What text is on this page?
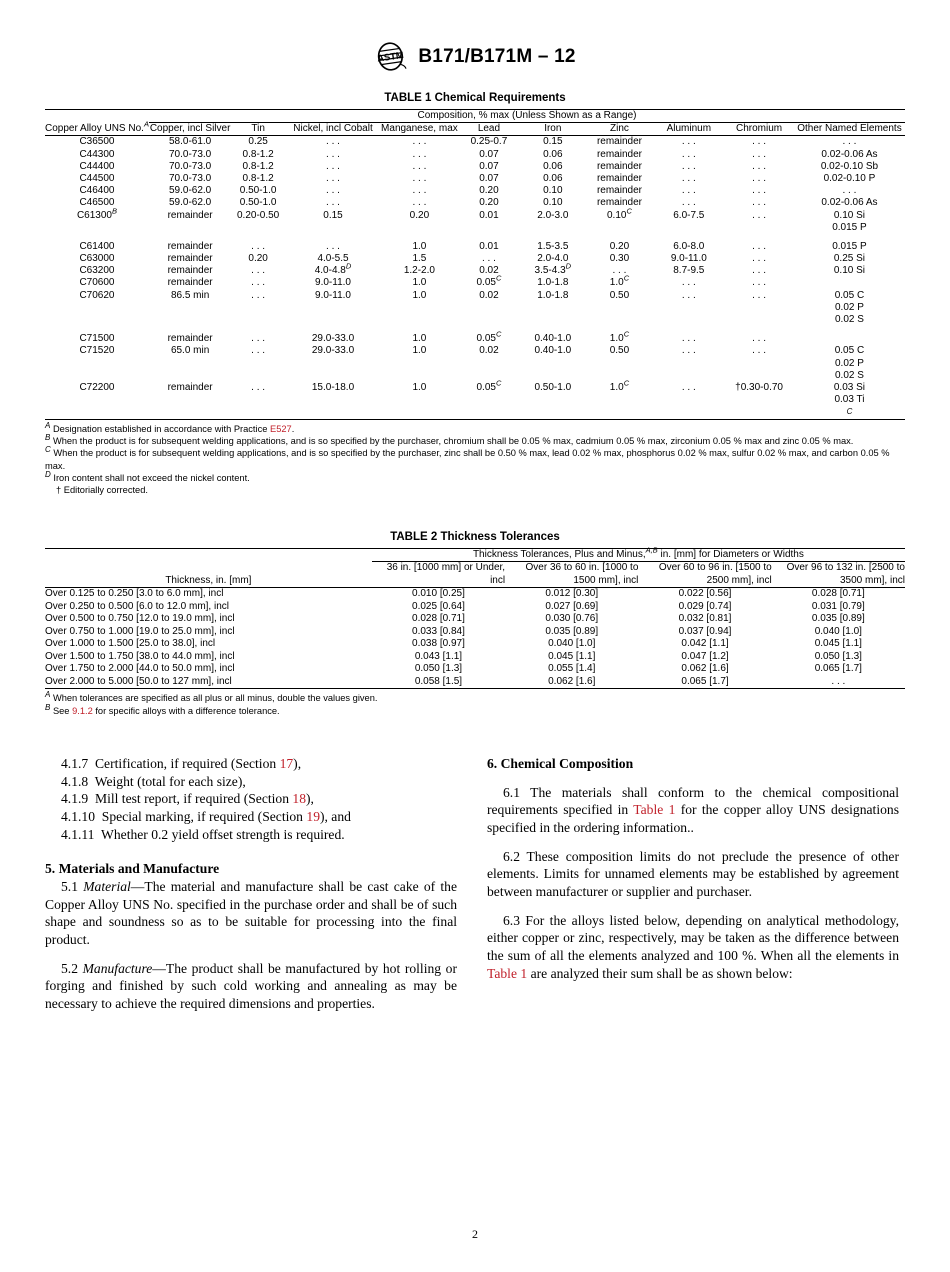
ASTM B171/B171M – 12
TABLE 1 Chemical Requirements
Copper Alloy UNS No.$^A$	Composition, % max (Unless Shown as a Range)									
	Copper, incl Silver	Tin	Nickel, incl Cobalt	Manganese, max	Lead	Iron	Zinc	Aluminum	Chromium	Other Named Elements
C36500	58.0-61.0	0.25	. . .	. . .	0.25-0.7	0.15	remainder	. . .	. . .	. . .
C44300	70.0-73.0	0.8-1.2	. . .	. . .	0.07	0.06	remainder	. . .	. . .	0.02-0.06 As
C44400	70.0-73.0	0.8-1.2	. . .	. . .	0.07	0.06	remainder	. . .	. . .	0.02-0.10 Sb
C44500	70.0-73.0	0.8-1.2	. . .	. . .	0.07	0.06	remainder	. . .	. . .	0.02-0.10 P
C46400	59.0-62.0	0.50-1.0	. . .	. . .	0.20	0.10	remainder	. . .	. . .	. . .
C46500	59.0-62.0	0.50-1.0	. . .	. . .	0.20	0.10	remainder	. . .	. . .	0.02-0.06 As
C61300$^B$	remainder	0.20-0.50	0.15	0.20	0.01	2.0-3.0	0.10$^C$	6.0-7.5	. . .	0.10 Si
										0.015 P

C61400	remainder	. . .	. . .	1.0	0.01	1.5-3.5	0.20	6.0-8.0	. . .	0.015 P
C63000	remainder	0.20	4.0-5.5	1.5	. . .	2.0-4.0	0.30	9.0-11.0	. . .	0.25 Si
C63200	remainder	. . .	4.0-4.8$^D$	1.2-2.0	0.02	3.5-4.3$^D$	. . .	8.7-9.5	. . .	0.10 Si
C70600	remainder	. . .	9.0-11.0	1.0	0.05$^C$	1.0-1.8	1.0$^C$	. . .	. . .	
C70620	86.5 min	. . .	9.0-11.0	1.0	0.02	1.0-1.8	0.50	. . .	. . .	0.05 C
										0.02 P
										0.02 S

C71500	remainder	. . .	29.0-33.0	1.0	0.05$^C$	0.40-1.0	1.0$^C$	. . .	. . .	
C71520	65.0 min	. . .	29.0-33.0	1.0	0.02	0.40-1.0	0.50	. . .	. . .	0.05 C
										0.02 P
										0.02 S
C72200	remainder	. . .	15.0-18.0	1.0	0.05$^C$	0.50-1.0	1.0$^C$	. . .	†0.30-0.70	0.03 Si
										0.03 Ti
										C

A Designation established in accordance with Practice E527.

B When the product is for subsequent welding applications, and is so specified by the purchaser, chromium shall be 0.05 % max, cadmium 0.05 % max, zirconium 0.05 % max and zinc 0.05 % max.

C When the product is for subsequent welding applications, and is so specified by the purchaser, zinc shall be 0.50 % max, lead 0.02 % max, phosphorus 0.02 % max, sulfur 0.02 % max, and carbon 0.05 % max.

D Iron content shall not exceed the nickel content.

† Editorially corrected.

TABLE 2 Thickness Tolerances
Thickness, in. [mm]	Thickness Tolerances, Plus and Minus,$^{A,B}$ in. [mm] for Diameters or Widths			
	36 in. [1000 mm] or Under, incl	Over 36 to 60 in. [1000 to 1500 mm], incl	Over 60 to 96 in. [1500 to 2500 mm], incl	Over 96 to 132 in. [2500 to 3500 mm], incl
Over 0.125 to 0.250 [3.0 to 6.0 mm], incl	0.010 [0.25]	0.012 [0.30]	0.022 [0.56]	0.028 [0.71]
Over 0.250 to 0.500 [6.0 to 12.0 mm], incl	0.025 [0.64]	0.027 [0.69]	0.029 [0.74]	0.031 [0.79]
Over 0.500 to 0.750 [12.0 to 19.0 mm], incl	0.028 [0.71]	0.030 [0.76]	0.032 [0.81]	0.035 [0.89]
Over 0.750 to 1.000 [19.0 to 25.0 mm], incl	0.033 [0.84]	0.035 [0.89]	0.037 [0.94]	0.040 [1.0]
Over 1.000 to 1.500 [25.0 to 38.0], incl	0.038 [0.97]	0.040 [1.0]	0.042 [1.1]	0.045 [1.1]
Over 1.500 to 1.750 [38.0 to 44.0 mm], incl	0.043 [1.1]	0.045 [1.1]	0.047 [1.2]	0.050 [1.3]
Over 1.750 to 2.000 [44.0 to 50.0 mm], incl	0.050 [1.3]	0.055 [1.4]	0.062 [1.6]	0.065 [1.7]
Over 2.000 to 5.000 [50.0 to 127 mm], incl	0.058 [1.5]	0.062 [1.6]	0.065 [1.7]	. . .

A When tolerances are specified as all plus or all minus, double the values given.

B See 9.1.2 for specific alloys with a difference tolerance.

4.1.7  Certification, if required (Section 17),

4.1.8  Weight (total for each size),

4.1.9  Mill test report, if required (Section 18),

4.1.10  Special marking, if required (Section 19), and

4.1.11  Whether 0.2 yield offset strength is required.

5. Materials and Manufacture

5.1 Material—The material and manufacture shall be cast cake of the Copper Alloy UNS No. specified in the purchase order and shall be of such shape and soundness so as to be suitable for processing into the final product.

5.2 Manufacture—The product shall be manufactured by hot rolling or forging and finished by such cold working and annealing as may be necessary to achieve the required dimensions and properties.

6. Chemical Composition

6.1 The materials shall conform to the chemical compositional requirements specified in Table 1 for the copper alloy UNS designations specified in the ordering information..

6.2 These composition limits do not preclude the presence of other elements. Limits for unnamed elements may be established by agreement between manufacturer or supplier and purchaser.

6.3 For the alloys listed below, depending on analytical methodology, either copper or zinc, respectively, may be taken as the difference between the sum of all the elements analyzed and 100 %. When all the elements in Table 1 are analyzed their sum shall be as shown below:

2
